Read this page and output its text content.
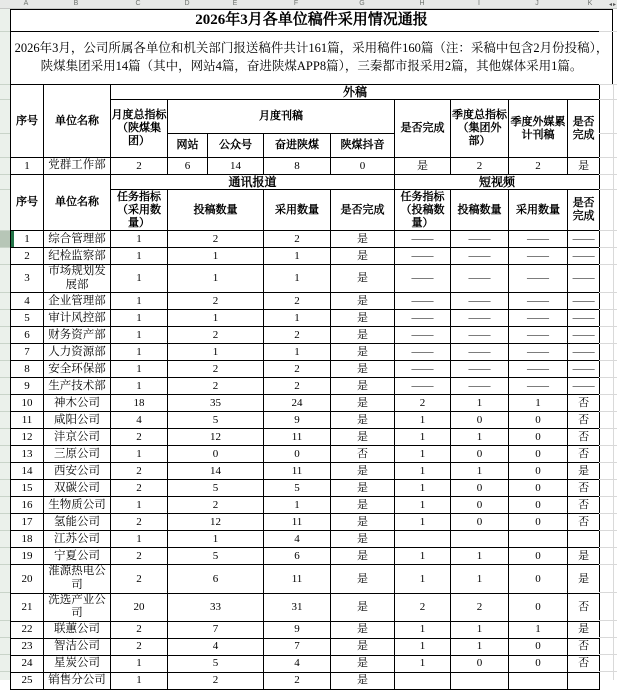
◂ ▸
A	B	C	D	E	F	G	H	I	J	K
2026年3月各单位稿件采用情况通报
2026年3月，公司所属各单位和机关部门报送稿件共计161篇，采用稿件160篇（注：采稿中包含2月份投稿），陕煤集团采用14篇（其中，网站4篇，奋进陕煤APP8篇），三秦都市报采用2篇，其他媒体采用1篇。
序号	单位名称	外稿								
		月度总指标（陕煤集团）	月度刊稿				是否完成	季度总指标（集团外部）	季度外媒累计刊稿	是否完成
			网站	公众号	奋进陕煤	陕煤抖音				
1	党群工作部	2	6	14	8	0	是	2	2	是
序号	单位名称	通讯报道					短视频			
		任务指标（采用数量）	投稿数量		采用数量	是否完成	任务指标（投稿数量）	投稿数量	采用数量	是否完成
1	综合管理部	1	2		2	是	——	——	——	——
2	纪检监察部	1	1		1	是	——	——	——	——
3	市场规划发展部	1	1		1	是	——	——	——	——
4	企业管理部	1	2		2	是	——	——	——	——
5	审计风控部	1	1		1	是	——	——	——	——
6	财务资产部	1	2		2	是	——	——	——	——
7	人力资源部	1	1		1	是	——	——	——	——
8	安全环保部	1	2		2	是	——	——	——	——
9	生产技术部	1	2		2	是	——	——	——	——
10	神木公司	18	35		24	是	2	1	1	否
11	咸阳公司	4	5		9	是	1	0	0	否
12	沣京公司	2	12		11	是	1	1	0	否
13	三原公司	1	0		0	否	1	0	0	否
14	西安公司	2	14		11	是	1	1	0	是
15	双碳公司	2	5		5	是	1	0	0	否
16	生物质公司	1	2		1	是	1	0	0	否
17	氢能公司	2	12		11	是	1	0	0	否
18	江苏公司	1	1		4	是				
19	宁夏公司	2	5		6	是	1	1	0	是
20	淮源热电公司	2	6		11	是	1	1	0	是
21	洗选产业公司	20	33		31	是	2	2	0	否
22	联蕙公司	2	7		9	是	1	1	1	是
23	智洁公司	2	4		7	是	1	1	0	否
24	星炭公司	1	5		4	是	1	0	0	否
25	销售分公司	1	2		2	是				
